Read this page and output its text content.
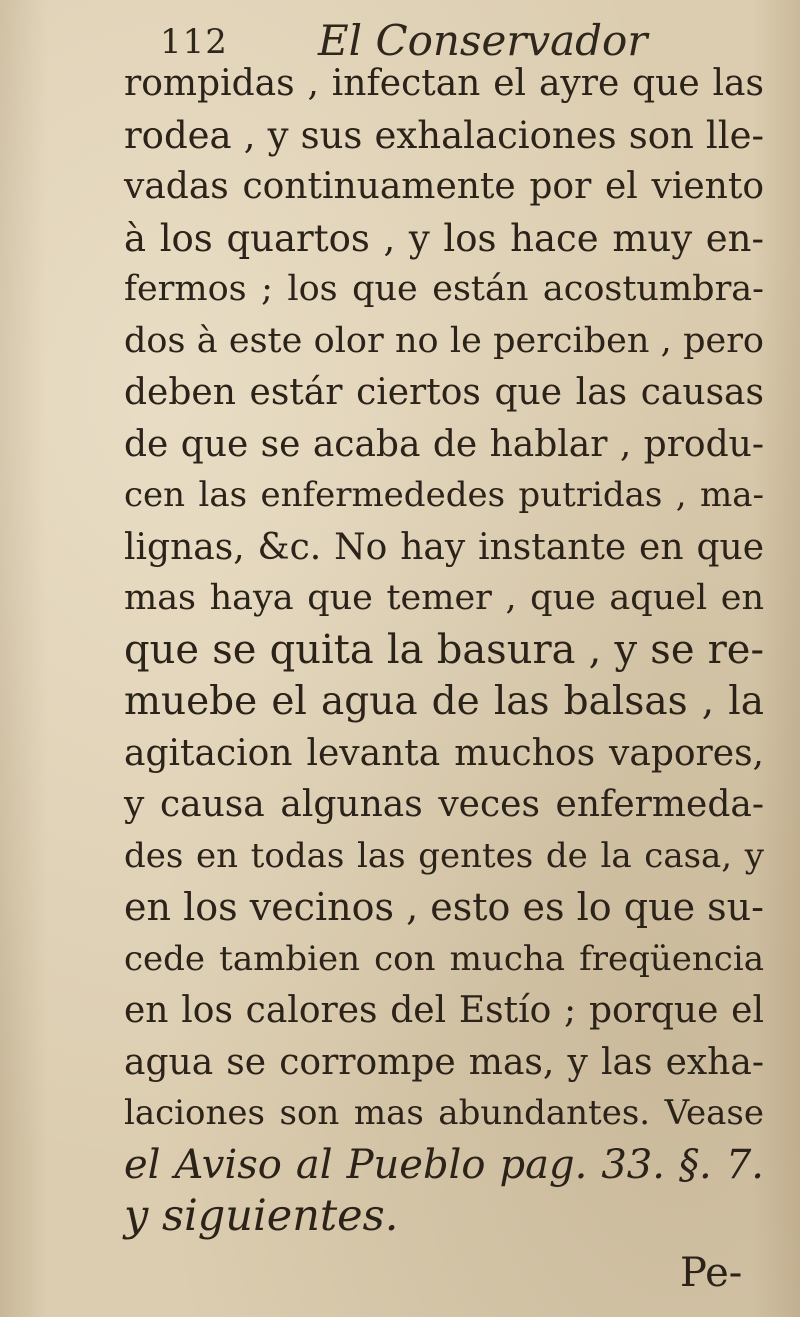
112 El Conservador
rompidas , infectan el ayre que las
rodea , y sus exhalaciones son lle-
vadas continuamente por el viento
à los quartos , y los hace muy en-
fermos ; los que están acostumbra-
dos à este olor no le perciben , pero
deben estár ciertos que las causas
de que se acaba de hablar , produ-
cen las enfermededes putridas , ma-
lignas, &c. No hay instante en que
mas haya que temer , que aquel en
que se quita la basura , y se re-
muebe el agua de las balsas , la
agitacion levanta muchos vapores,
y causa algunas veces enfermeda-
des en todas las gentes de la casa, y
en los vecinos , esto es lo que su-
cede tambien con mucha freqüencia
en los calores del Estío ; porque el
agua se corrompe mas, y las exha-
laciones son mas abundantes. Vease
el Aviso al Pueblo pag. 33. §. 7.
y siguientes.
Pe-
